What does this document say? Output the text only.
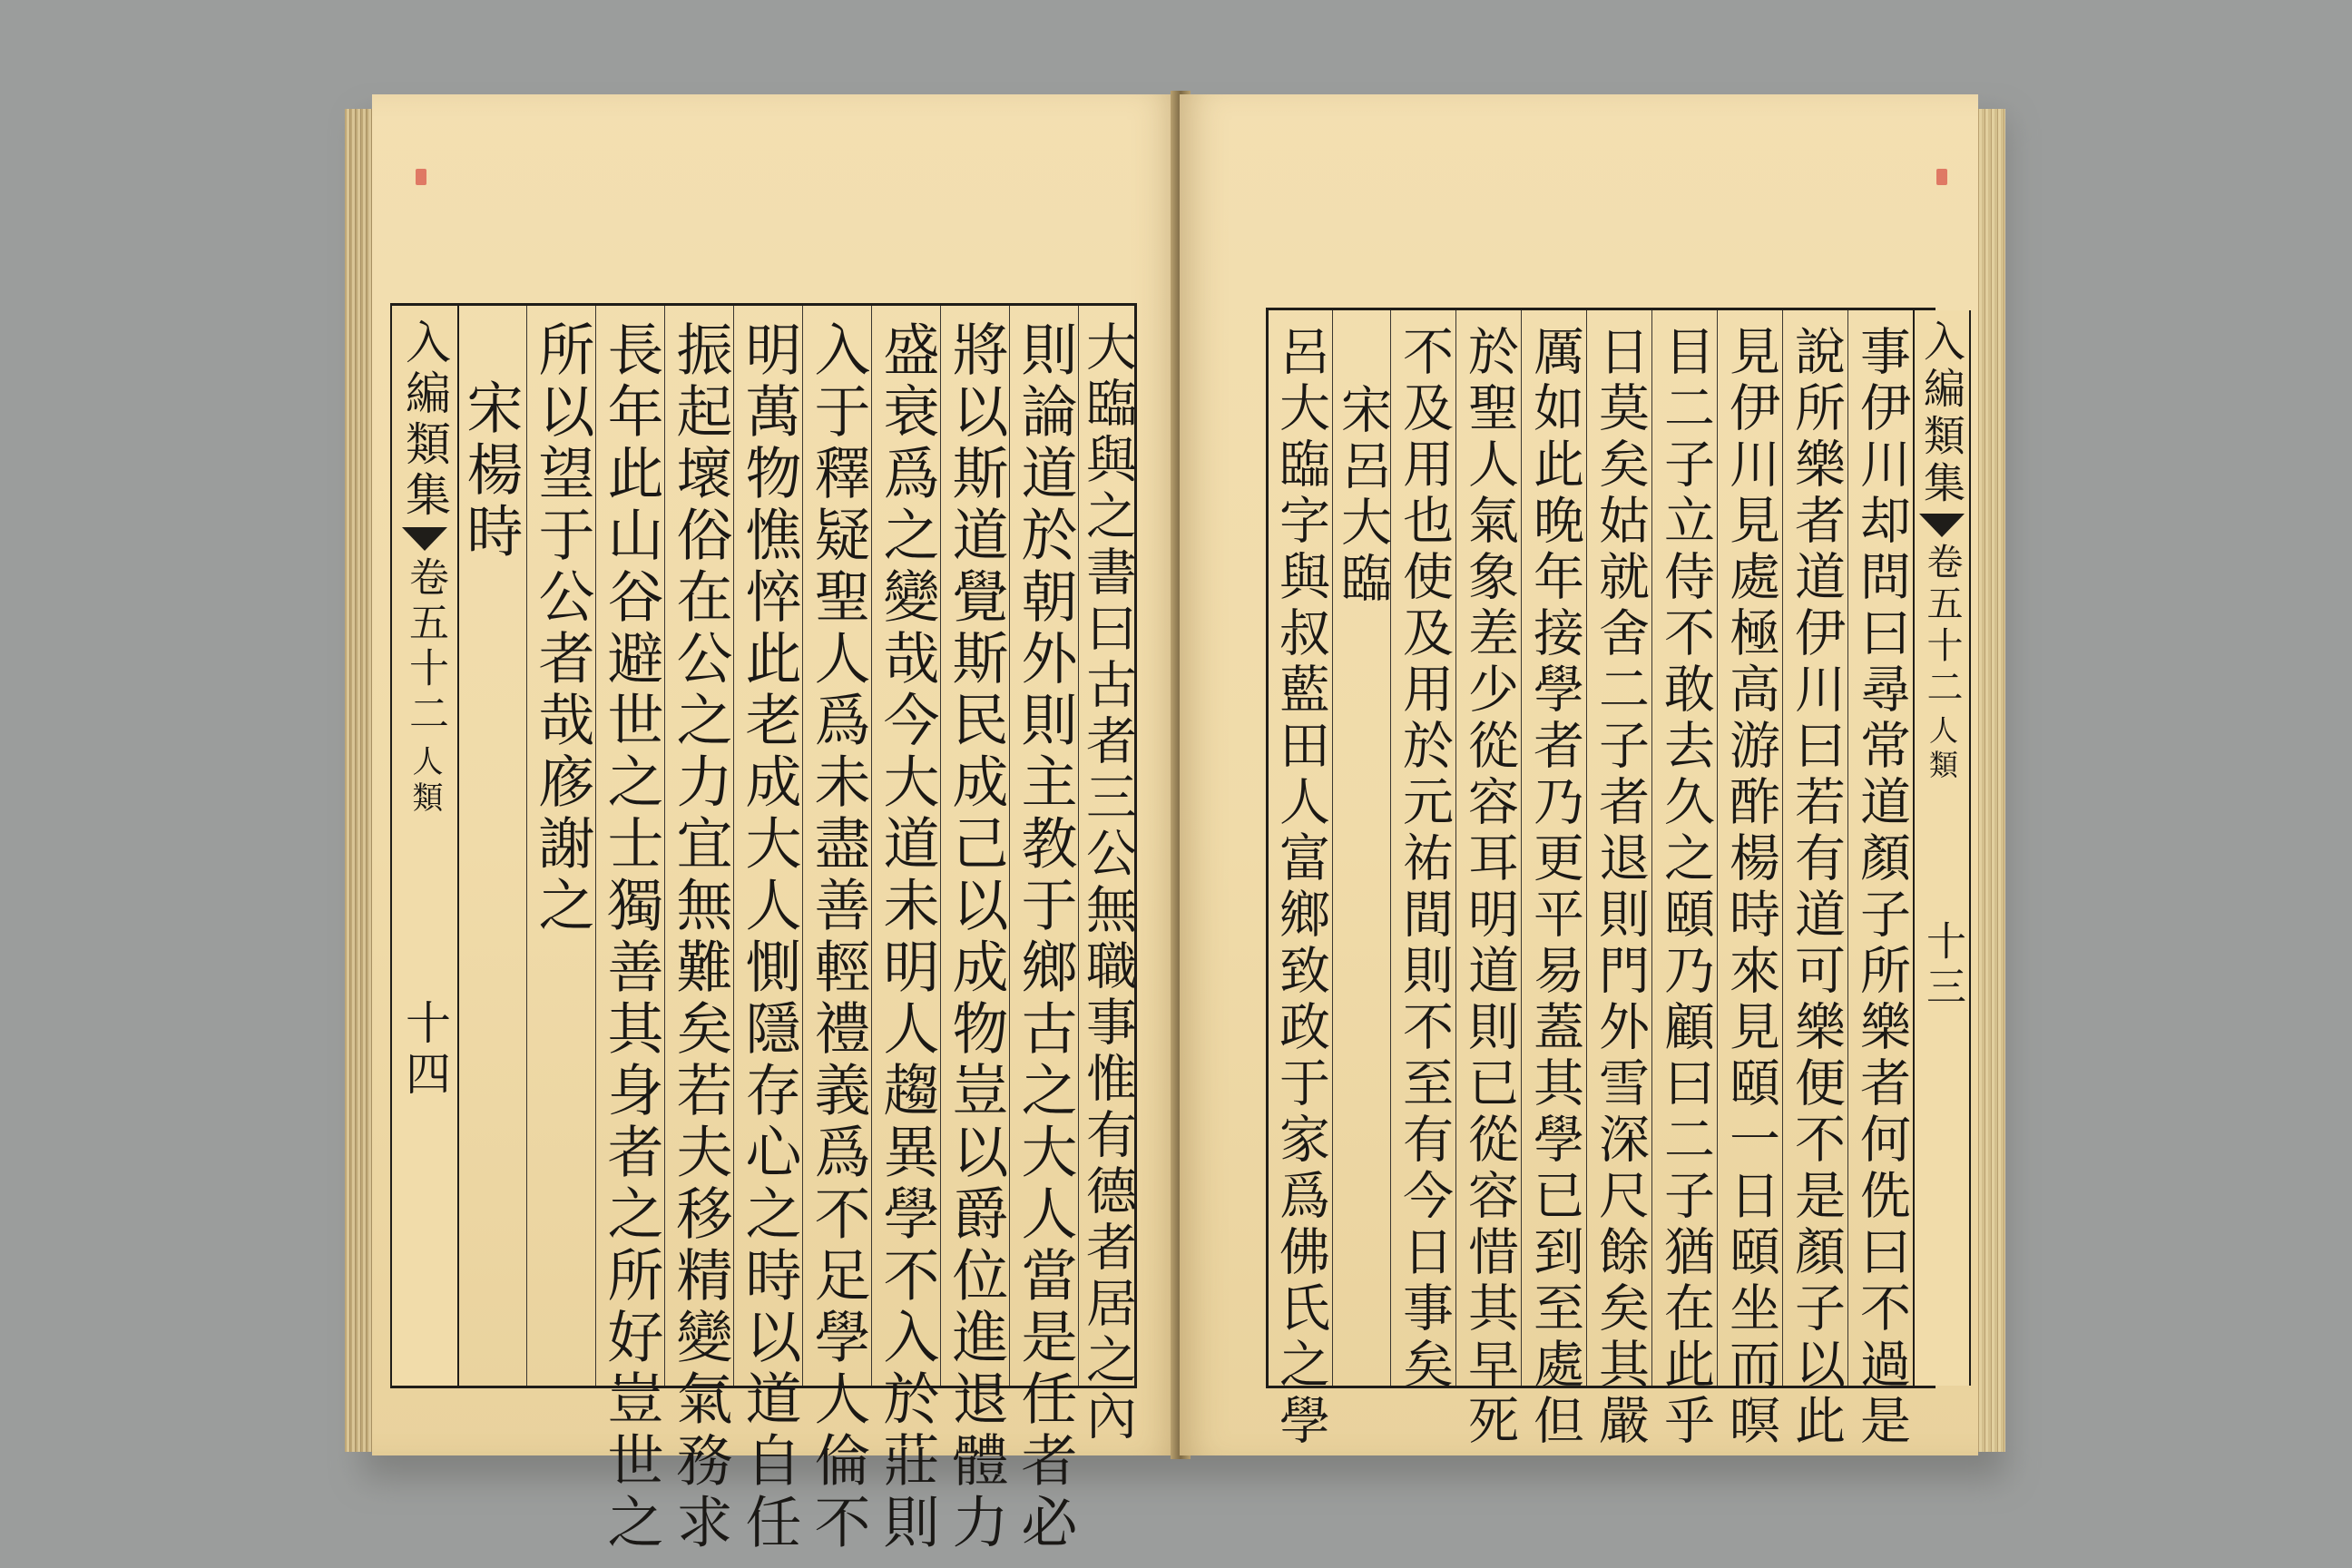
入編類集
卷五十二
人類
十四
宋楊時 所以望于公者哉㢋謝之 長年此山谷避世之士獨善其身者之所好豈世之 振起壞俗在公之力宜無難矣若夫移精變氣務求 明萬物憔悴此老成大人惻隱存心之時以道自任 入于釋疑聖人爲未盡善輕禮義爲不足學人倫不 盛衰爲之變哉今大道未明人趨異學不入於莊則 將以斯道覺斯民成己以成物豈以爵位進退體力 則論道於朝外則主教于鄉古之大人當是任者必 大臨與之書曰古者三公無職事惟有德者居之內	呂大臨字與叔藍田人富鄉致政于家爲佛氏之學 宋呂大臨 不及用也使及用於元祐間則不至有今日事矣 於聖人氣象差少從容耳明道則已從容惜其早死 厲如此晚年接學者乃更平易蓋其學已到至處但 日莫矣姑就舍二子者退則門外雪深尺餘矣其嚴 目二子立侍不敢去久之頤乃顧曰二子猶在此乎 見伊川見處極高游酢楊時來見頤一日頤坐而暝 說所樂者道伊川曰若有道可樂便不是顏子以此 事伊川却問曰尋常道顏子所樂者何侁曰不過是 入編類集
卷五十二
人類
十三
